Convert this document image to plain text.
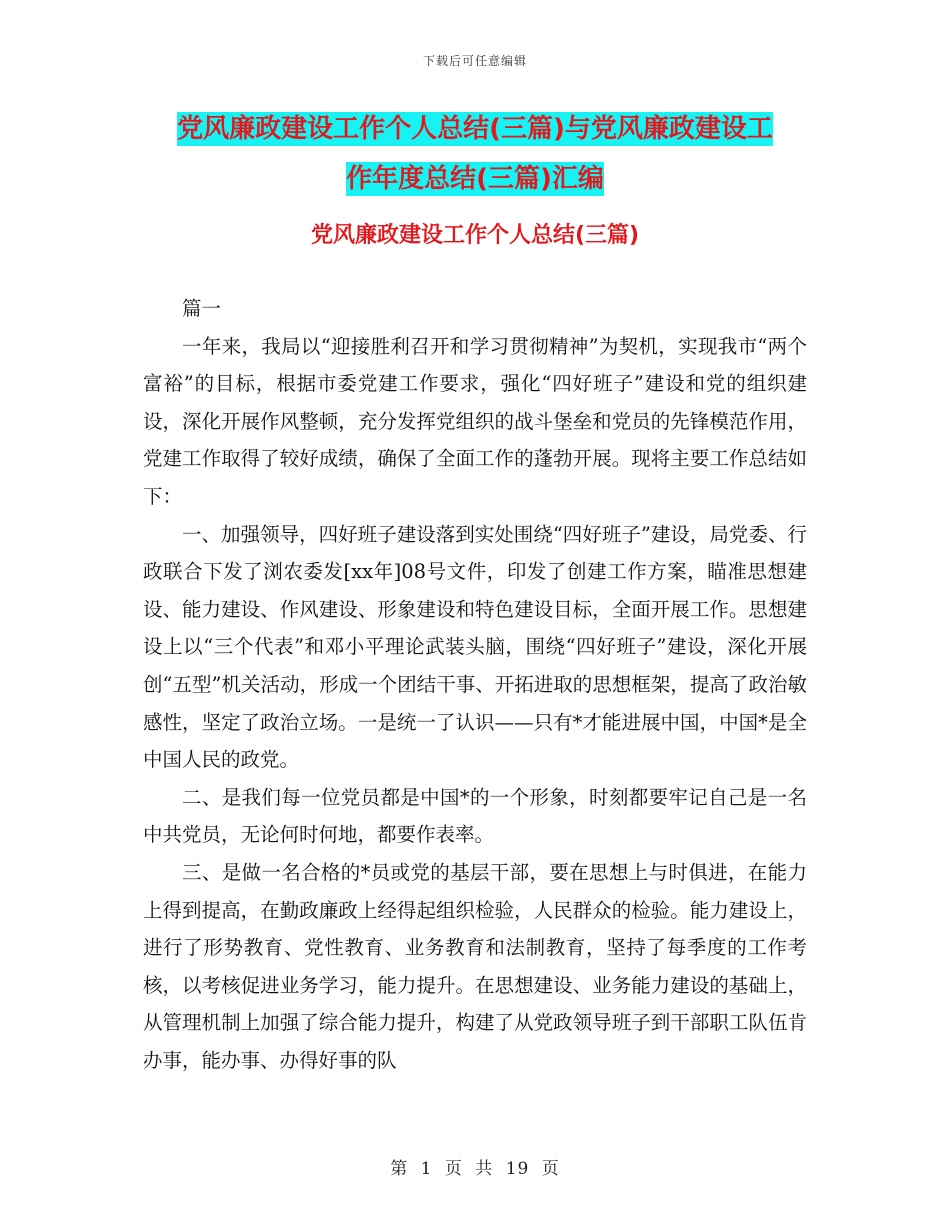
下载后可任意编辑
党风廉政建设工作个人总结(三篇)与党风廉政建设工
作年度总结(三篇)汇编
党风廉政建设工作个人总结(三篇)

篇一

一年来，我局以“迎接胜利召开和学习贯彻精神”为契机，实现我市“两个富裕”的目标，根据市委党建工作要求，强化“四好班子”建设和党的组织建设，深化开展作风整顿，充分发挥党组织的战斗堡垒和党员的先锋模范作用，党建工作取得了较好成绩，确保了全面工作的蓬勃开展。现将主要工作总结如下：

一、加强领导，四好班子建设落到实处围绕“四好班子”建设，局党委、行政联合下发了浏农委发[xx年]08号文件，印发了创建工作方案，瞄准思想建设、能力建设、作风建设、形象建设和特色建设目标，全面开展工作。思想建设上以“三个代表”和邓小平理论武装头脑，围绕“四好班子”建设，深化开展创“五型”机关活动，形成一个团结干事、开拓进取的思想框架，提高了政治敏感性，坚定了政治立场。一是统一了认识——只有*才能进展中国，中国*是全中国人民的政党。

二、是我们每一位党员都是中国*的一个形象，时刻都要牢记自己是一名中共党员，无论何时何地，都要作表率。

三、是做一名合格的*员或党的基层干部，要在思想上与时俱进，在能力上得到提高，在勤政廉政上经得起组织检验，人民群众的检验。能力建设上，进行了形势教育、党性教育、业务教育和法制教育，坚持了每季度的工作考核，以考核促进业务学习，能力提升。在思想建设、业务能力建设的基础上，从管理机制上加强了综合能力提升，构建了从党政领导班子到干部职工队伍肯办事，能办事、办得好事的队

第 1 页 共 19 页
